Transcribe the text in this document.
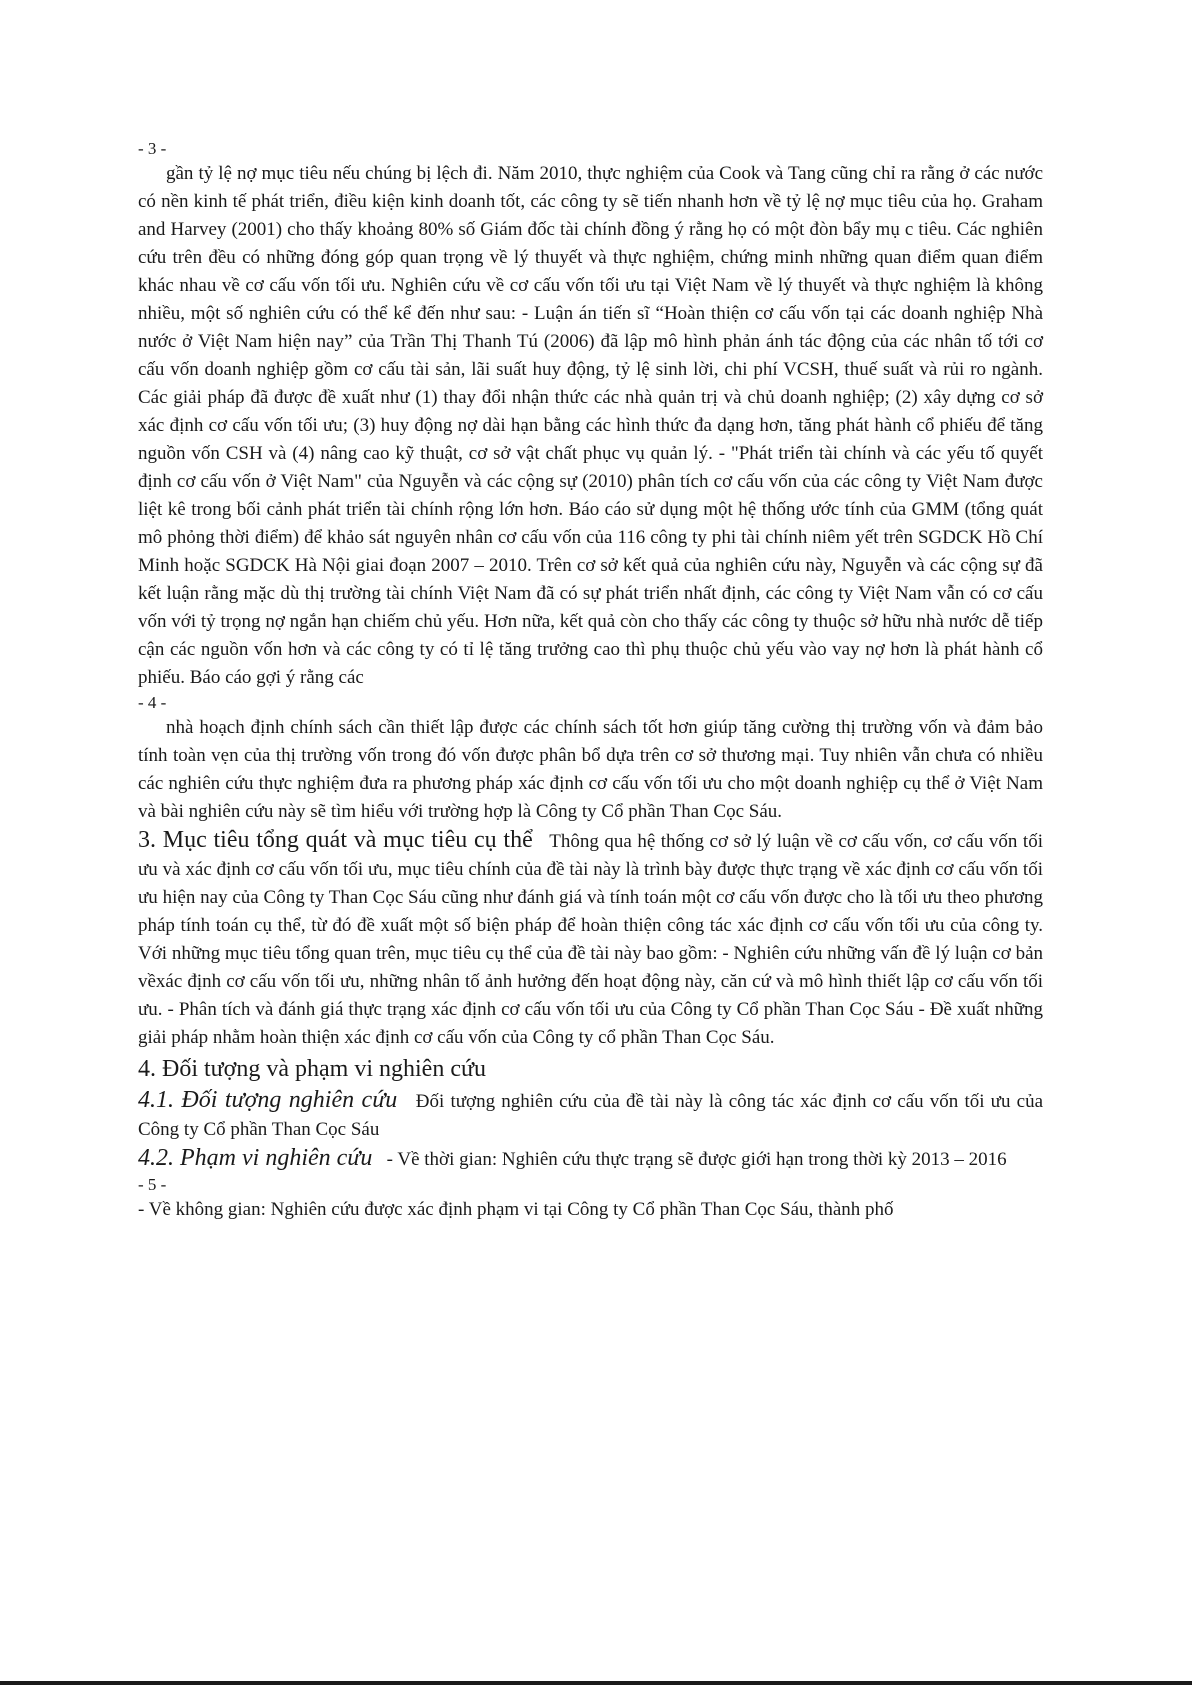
- 3 -

gần tỷ lệ nợ mục tiêu nếu chúng bị lệch đi. Năm 2010, thực nghiệm của Cook và Tang cũng chỉ ra rằng ở các nước có nền kinh tế phát triển, điều kiện kinh doanh tốt, các công ty sẽ tiến nhanh hơn về tỷ lệ nợ mục tiêu của họ. Graham and Harvey (2001) cho thấy khoảng 80% số Giám đốc tài chính đồng ý rằng họ có một đòn bẩy mụ c tiêu. Các nghiên cứu trên đều có những đóng góp quan trọng về lý thuyết và thực nghiệm, chứng minh những quan điểm quan điểm khác nhau về cơ cấu vốn tối ưu. Nghiên cứu về cơ cấu vốn tối ưu tại Việt Nam về lý thuyết và thực nghiệm là không nhiều, một số nghiên cứu có thể kể đến như sau: - Luận án tiến sĩ “Hoàn thiện cơ cấu vốn tại các doanh nghiệp Nhà nước ở Việt Nam hiện nay” của Trần Thị Thanh Tú (2006) đã lập mô hình phản ánh tác động của các nhân tố tới cơ cấu vốn doanh nghiệp gồm cơ cấu tài sản, lãi suất huy động, tỷ lệ sinh lời, chi phí VCSH, thuế suất và rủi ro ngành. Các giải pháp đã được đề xuất như (1) thay đổi nhận thức các nhà quản trị và chủ doanh nghiệp; (2) xây dựng cơ sở xác định cơ cấu vốn tối ưu; (3) huy động nợ dài hạn bằng các hình thức đa dạng hơn, tăng phát hành cổ phiếu để tăng nguồn vốn CSH và (4) nâng cao kỹ thuật, cơ sở vật chất phục vụ quản lý. - "Phát triển tài chính và các yếu tố quyết định cơ cấu vốn ở Việt Nam" của Nguyễn và các cộng sự (2010) phân tích cơ cấu vốn của các công ty Việt Nam được liệt kê trong bối cảnh phát triển tài chính rộng lớn hơn. Báo cáo sử dụng một hệ thống ước tính của GMM (tổng quát mô phỏng thời điểm) để khảo sát nguyên nhân cơ cấu vốn của 116 công ty phi tài chính niêm yết trên SGDCK Hồ Chí Minh hoặc SGDCK Hà Nội giai đoạn 2007 – 2010. Trên cơ sở kết quả của nghiên cứu này, Nguyễn và các cộng sự đã kết luận rằng mặc dù thị trường tài chính Việt Nam đã có sự phát triển nhất định, các công ty Việt Nam vẫn có cơ cấu vốn với tỷ trọng nợ ngắn hạn chiếm chủ yếu. Hơn nữa, kết quả còn cho thấy các công ty thuộc sở hữu nhà nước dễ tiếp cận các nguồn vốn hơn và các công ty có tỉ lệ tăng trưởng cao thì phụ thuộc chủ yếu vào vay nợ hơn là phát hành cổ phiếu. Báo cáo gợi ý rằng các

- 4 -

nhà hoạch định chính sách cần thiết lập được các chính sách tốt hơn giúp tăng cường thị trường vốn và đảm bảo tính toàn vẹn của thị trường vốn trong đó vốn được phân bổ dựa trên cơ sở thương mại. Tuy nhiên vẫn chưa có nhiều các nghiên cứu thực nghiệm đưa ra phương pháp xác định cơ cấu vốn tối ưu cho một doanh nghiệp cụ thể ở Việt Nam và bài nghiên cứu này sẽ tìm hiểu với trường hợp là Công ty Cổ phần Than Cọc Sáu.

3. Mục tiêu tổng quát và mục tiêu cụ thể Thông qua hệ thống cơ sở lý luận về cơ cấu vốn, cơ cấu vốn tối ưu và xác định cơ cấu vốn tối ưu, mục tiêu chính của đề tài này là trình bày được thực trạng về xác định cơ cấu vốn tối ưu hiện nay của Công ty Than Cọc Sáu cũng như đánh giá và tính toán một cơ cấu vốn được cho là tối ưu theo phương pháp tính toán cụ thể, từ đó đề xuất một số biện pháp để hoàn thiện công tác xác định cơ cấu vốn tối ưu của công ty. Với những mục tiêu tổng quan trên, mục tiêu cụ thể của đề tài này bao gồm: - Nghiên cứu những vấn đề lý luận cơ bản vềxác định cơ cấu vốn tối ưu, những nhân tố ảnh hưởng đến hoạt động này, căn cứ và mô hình thiết lập cơ cấu vốn tối ưu. - Phân tích và đánh giá thực trạng xác định cơ cấu vốn tối ưu của Công ty Cổ phần Than Cọc Sáu - Đề xuất những giải pháp nhằm hoàn thiện xác định cơ cấu vốn của Công ty cổ phần Than Cọc Sáu.

4. Đối tượng và phạm vi nghiên cứu

4.1. Đối tượng nghiên cứu Đối tượng nghiên cứu của đề tài này là công tác xác định cơ cấu vốn tối ưu của Công ty Cổ phần Than Cọc Sáu

4.2. Phạm vi nghiên cứu - Về thời gian: Nghiên cứu thực trạng sẽ được giới hạn trong thời kỳ 2013 – 2016

- 5 -

- Về không gian: Nghiên cứu được xác định phạm vi tại Công ty Cổ phần Than Cọc Sáu, thành phố
